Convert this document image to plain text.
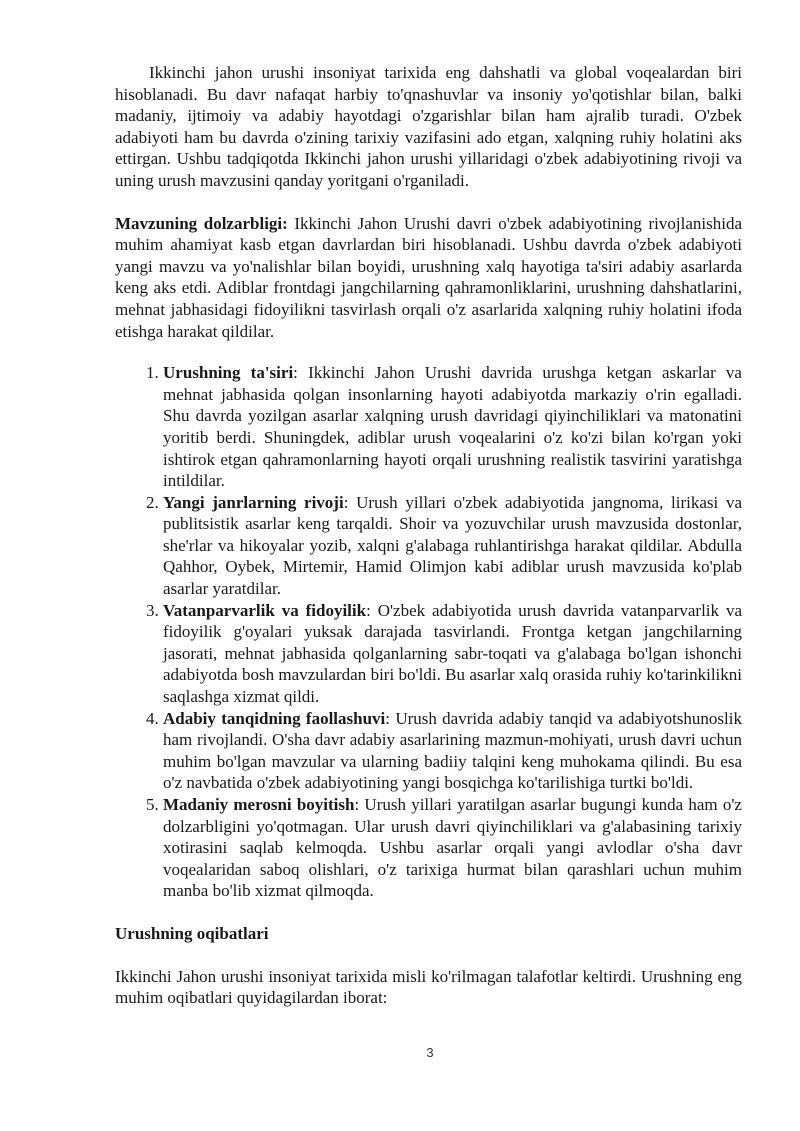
Ikkinchi jahon urushi insoniyat tarixida eng dahshatli va global voqealardan biri hisoblanadi. Bu davr nafaqat harbiy to'qnashuvlar va insoniy yo'qotishlar bilan, balki madaniy, ijtimoiy va adabiy hayotdagi o'zgarishlar bilan ham ajralib turadi. O'zbek adabiyoti ham bu davrda o'zining tarixiy vazifasini ado etgan, xalqning ruhiy holatini aks ettirgan. Ushbu tadqiqotda Ikkinchi jahon urushi yillaridagi o'zbek adabiyotining rivoji va uning urush mavzusini qanday yoritgani o'rganiladi.

Mavzuning dolzarbligi: Ikkinchi Jahon Urushi davri o'zbek adabiyotining rivojlanishida muhim ahamiyat kasb etgan davrlardan biri hisoblanadi. Ushbu davrda o'zbek adabiyoti yangi mavzu va yo'nalishlar bilan boyidi, urushning xalq hayotiga ta'siri adabiy asarlarda keng aks etdi. Adiblar frontdagi jangchilarning qahramonliklarini, urushning dahshatlarini, mehnat jabhasidagi fidoyilikni tasvirlash orqali o'z asarlarida xalqning ruhiy holatini ifoda etishga harakat qildilar.

1. Urushning ta'siri: Ikkinchi Jahon Urushi davrida urushga ketgan askarlar va mehnat jabhasida qolgan insonlarning hayoti adabiyotda markaziy o'rin egalladi. Shu davrda yozilgan asarlar xalqning urush davridagi qiyinchiliklari va matonatini yoritib berdi. Shuningdek, adiblar urush voqealarini o'z ko'zi bilan ko'rgan yoki ishtirok etgan qahramonlarning hayoti orqali urushning realistik tasvirini yaratishga intildilar.
2. Yangi janrlarning rivoji: Urush yillari o'zbek adabiyotida jangnoma, lirikasi va publitsistik asarlar keng tarqaldi. Shoir va yozuvchilar urush mavzusida dostonlar, she'rlar va hikoyalar yozib, xalqni g'alabaga ruhlantirishga harakat qildilar. Abdulla Qahhor, Oybek, Mirtemir, Hamid Olimjon kabi adiblar urush mavzusida ko'plab asarlar yaratdilar.
3. Vatanparvarlik va fidoyilik: O'zbek adabiyotida urush davrida vatanparvarlik va fidoyilik g'oyalari yuksak darajada tasvirlandi. Frontga ketgan jangchilarning jasorati, mehnat jabhasida qolganlarning sabr-toqati va g'alabaga bo'lgan ishonchi adabiyotda bosh mavzulardan biri bo'ldi. Bu asarlar xalq orasida ruhiy ko'tarinkilikni saqlashga xizmat qildi.
4. Adabiy tanqidning faollashuvi: Urush davrida adabiy tanqid va adabiyotshunoslik ham rivojlandi. O'sha davr adabiy asarlarining mazmun-mohiyati, urush davri uchun muhim bo'lgan mavzular va ularning badiiy talqini keng muhokama qilindi. Bu esa o'z navbatida o'zbek adabiyotining yangi bosqichga ko'tarilishiga turtki bo'ldi.
5. Madaniy merosni boyitish: Urush yillari yaratilgan asarlar bugungi kunda ham o'z dolzarbligini yo'qotmagan. Ular urush davri qiyinchiliklari va g'alabasining tarixiy xotirasini saqlab kelmoqda. Ushbu asarlar orqali yangi avlodlar o'sha davr voqealaridan saboq olishlari, o'z tarixiga hurmat bilan qarashlari uchun muhim manba bo'lib xizmat qilmoqda.

Urushning oqibatlari

Ikkinchi Jahon urushi insoniyat tarixida misli ko'rilmagan talafotlar keltirdi. Urushning eng muhim oqibatlari quyidagilardan iborat:

3
